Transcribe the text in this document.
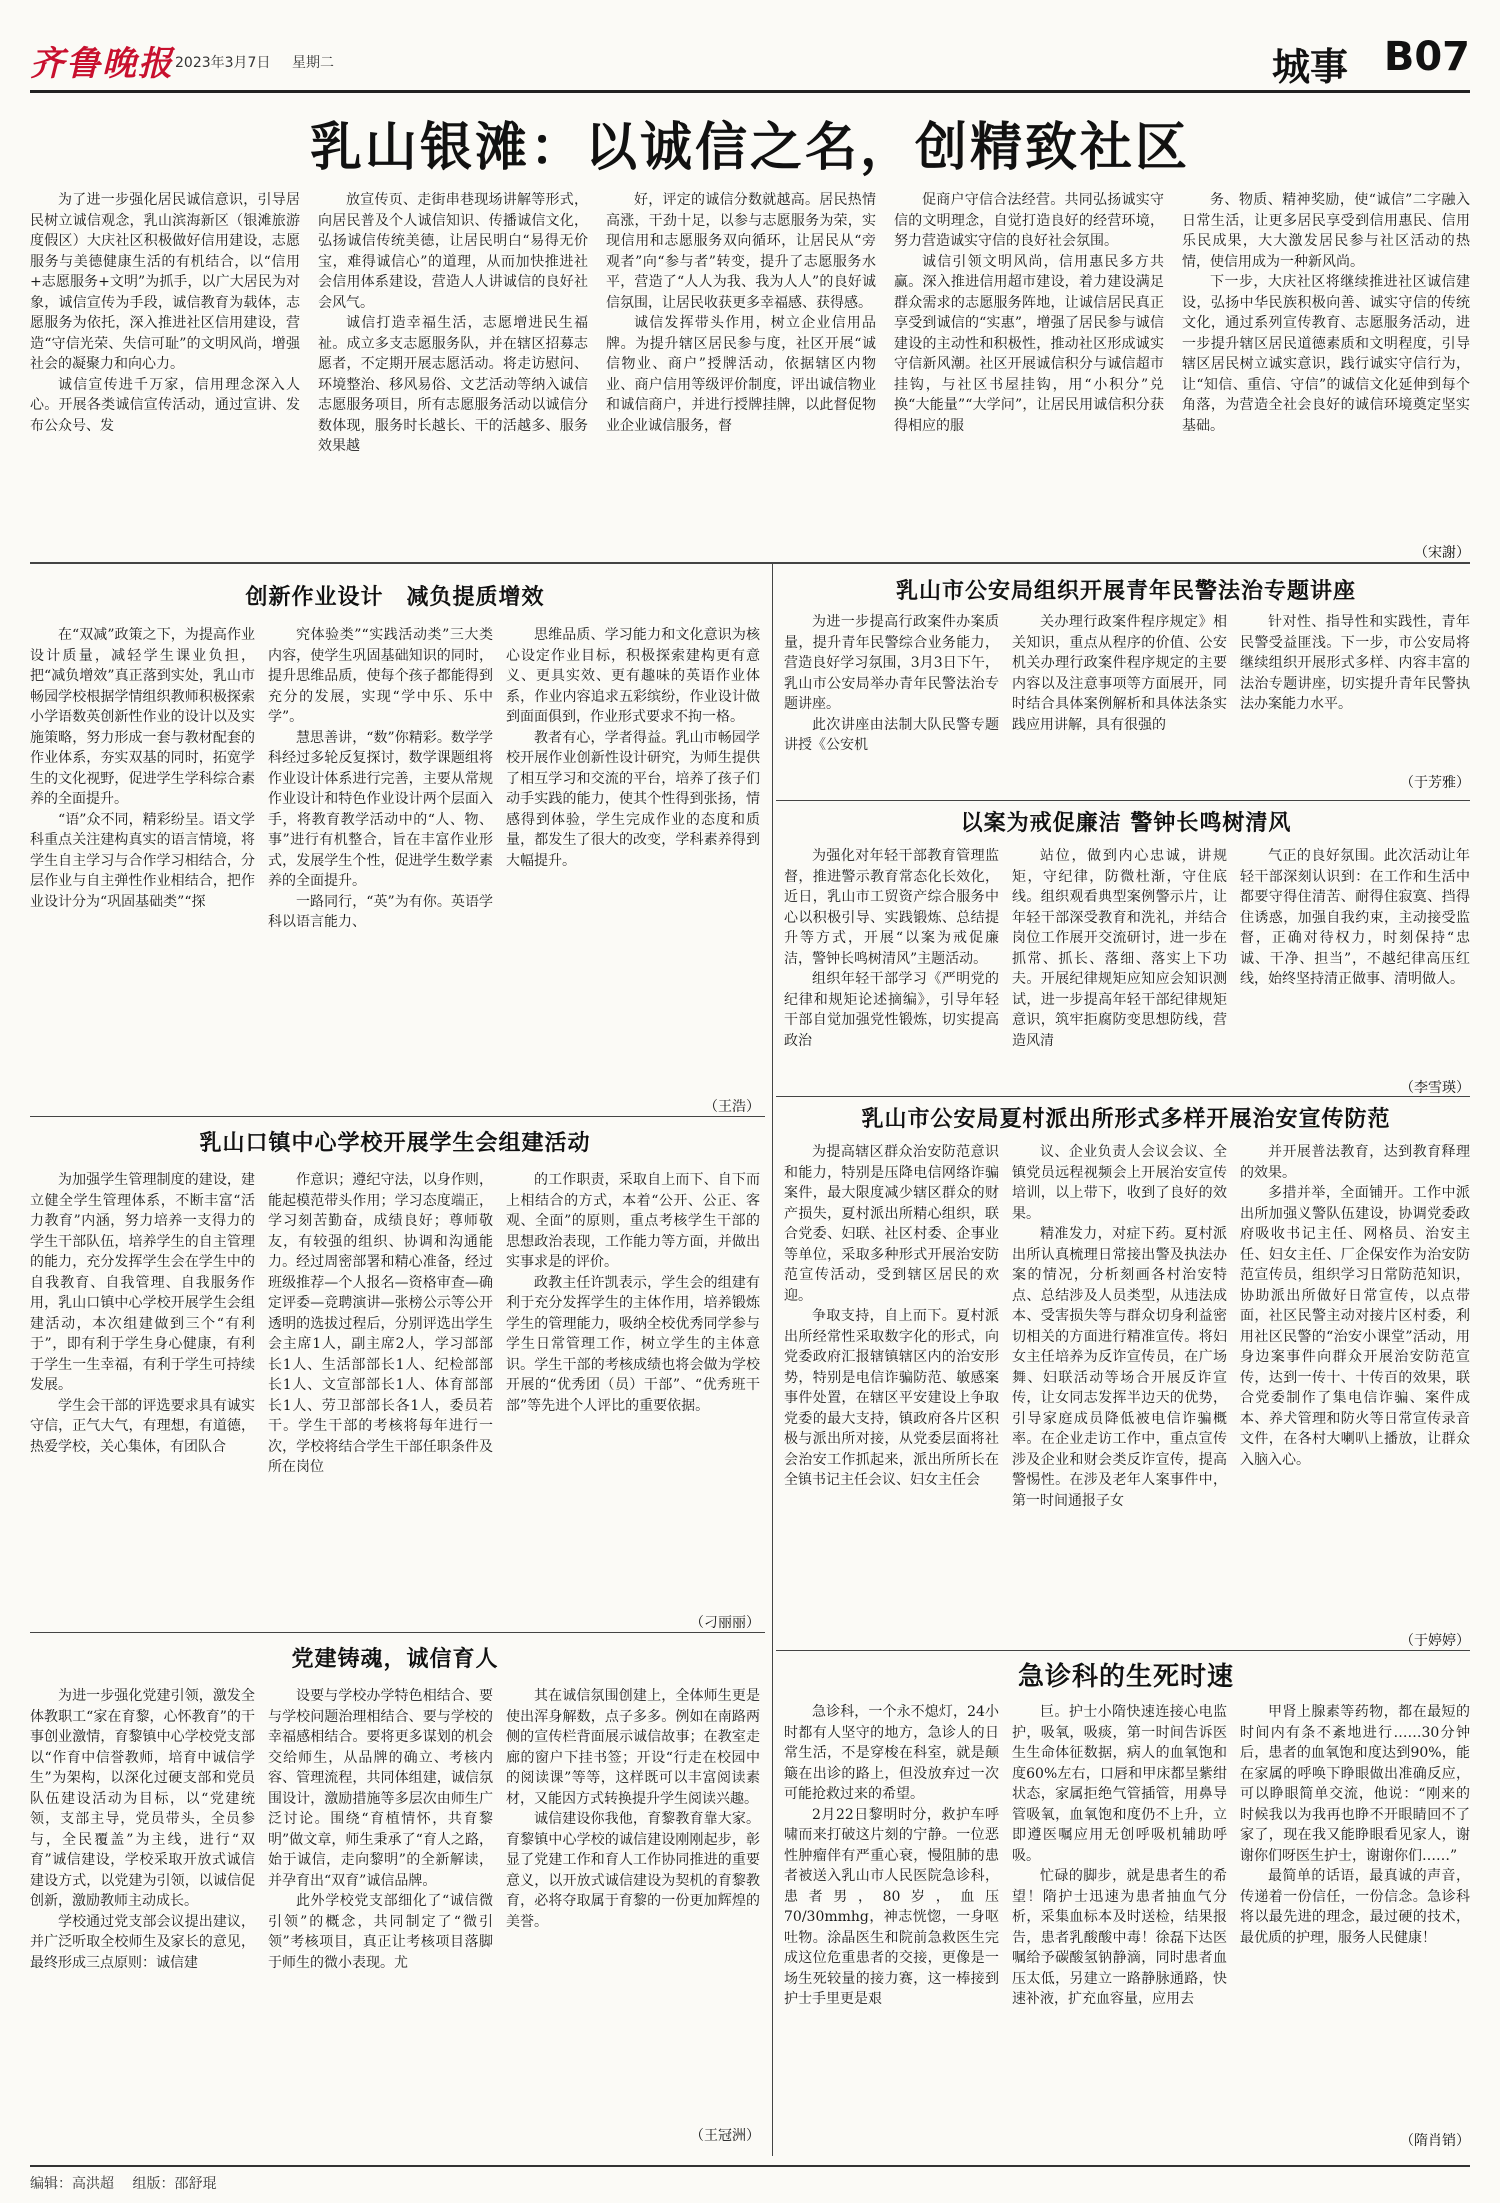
齐鲁晚报 2023年3月7日 星期二	城事 B07
乳山银滩：以诚信之名，创精致社区

为了进一步强化居民诚信意识，引导居民树立诚信观念，乳山滨海新区（银滩旅游度假区）大庆社区积极做好信用建设，志愿服务与美德健康生活的有机结合，以“信用+志愿服务+文明”为抓手，以广大居民为对象，诚信宣传为手段，诚信教育为载体，志愿服务为依托，深入推进社区信用建设，营造“守信光荣、失信可耻”的文明风尚，增强社会的凝聚力和向心力。

诚信宣传进千万家，信用理念深入人心。开展各类诚信宣传活动，通过宣讲、发布公众号、发

放宣传页、走街串巷现场讲解等形式，向居民普及个人诚信知识、传播诚信文化，弘扬诚信传统美德，让居民明白“易得无价宝，难得诚信心”的道理，从而加快推进社会信用体系建设，营造人人讲诚信的良好社会风气。

诚信打造幸福生活，志愿增进民生福祉。成立多支志愿服务队，并在辖区招募志愿者，不定期开展志愿活动。将走访慰问、环境整治、移风易俗、文艺活动等纳入诚信志愿服务项目，所有志愿服务活动以诚信分数体现，服务时长越长、干的活越多、服务效果越

好，评定的诚信分数就越高。居民热情高涨，干劲十足，以参与志愿服务为荣，实现信用和志愿服务双向循环，让居民从“旁观者”向“参与者”转变，提升了志愿服务水平，营造了“人人为我、我为人人”的良好诚信氛围，让居民收获更多幸福感、获得感。

诚信发挥带头作用，树立企业信用品牌。为提升辖区居民参与度，社区开展“诚信物业、商户”授牌活动，依据辖区内物业、商户信用等级评价制度，评出诚信物业和诚信商户，并进行授牌挂牌，以此督促物业企业诚信服务，督

促商户守信合法经营。共同弘扬诚实守信的文明理念，自觉打造良好的经营环境，努力营造诚实守信的良好社会氛围。

诚信引领文明风尚，信用惠民多方共赢。深入推进信用超市建设，着力建设满足群众需求的志愿服务阵地，让诚信居民真正享受到诚信的“实惠”，增强了居民参与诚信建设的主动性和积极性，推动社区形成诚实守信新风潮。社区开展诚信积分与诚信超市挂钩，与社区书屋挂钩，用“小积分”兑换“大能量”“大学问”，让居民用诚信积分获得相应的服

务、物质、精神奖励，使“诚信”二字融入日常生活，让更多居民享受到信用惠民、信用乐民成果，大大激发居民参与社区活动的热情，使信用成为一种新风尚。

下一步，大庆社区将继续推进社区诚信建设，弘扬中华民族积极向善、诚实守信的传统文化，通过系列宣传教育、志愿服务活动，进一步提升辖区居民道德素质和文明程度，引导辖区居民树立诚实意识，践行诚实守信行为，让“知信、重信、守信”的诚信文化延伸到每个角落，为营造全社会良好的诚信环境奠定坚实基础。

（宋謝）
创新作业设计　减负提质增效

在“双减”政策之下，为提高作业设计质量，减轻学生课业负担，把“减负增效”真正落到实处，乳山市畅园学校根据学情组织教师积极探索小学语数英创新性作业的设计以及实施策略，努力形成一套与教材配套的作业体系，夯实双基的同时，拓宽学生的文化视野，促进学生学科综合素养的全面提升。

“语”众不同，精彩纷呈。语文学科重点关注建构真实的语言情境，将学生自主学习与合作学习相结合，分层作业与自主弹性作业相结合，把作业设计分为“巩固基础类”“探

究体验类”“实践活动类”三大类内容，使学生巩固基础知识的同时，提升思维品质，使每个孩子都能得到充分的发展，实现“学中乐、乐中学”。

慧思善讲，“数”你精彩。数学学科经过多轮反复探讨，数学课题组将作业设计体系进行完善，主要从常规作业设计和特色作业设计两个层面入手，将教育教学活动中的“人、物、事”进行有机整合，旨在丰富作业形式，发展学生个性，促进学生数学素养的全面提升。

一路同行，“英”为有你。英语学科以语言能力、

思维品质、学习能力和文化意识为核心设定作业目标，积极探索建构更有意义、更具实效、更有趣味的英语作业体系，作业内容追求五彩缤纷，作业设计做到面面俱到，作业形式要求不拘一格。

教者有心，学者得益。乳山市畅园学校开展作业创新性设计研究，为师生提供了相互学习和交流的平台，培养了孩子们动手实践的能力，使其个性得到张扬，情感得到体验，学生完成作业的态度和质量，都发生了很大的改变，学科素养得到大幅提升。

（王浩）
乳山口镇中心学校开展学生会组建活动

为加强学生管理制度的建设，建立健全学生管理体系，不断丰富“活力教育”内涵，努力培养一支得力的学生干部队伍，培养学生的自主管理的能力，充分发挥学生会在学生中的自我教育、自我管理、自我服务作用，乳山口镇中心学校开展学生会组建活动，本次组建做到三个“有利于”，即有利于学生身心健康，有利于学生一生幸福，有利于学生可持续发展。

学生会干部的评选要求具有诚实守信，正气大气，有理想，有道德，热爱学校，关心集体，有团队合

作意识；遵纪守法，以身作则，能起模范带头作用；学习态度端正，学习刻苦勤奋，成绩良好；尊师敬友，有较强的组织、协调和沟通能力。经过周密部署和精心准备，经过班级推荐—个人报名—资格审查—确定评委—竞聘演讲—张榜公示等公开透明的选拔过程后，分别评选出学生会主席1人，副主席2人，学习部部长1人、生活部部长1人、纪检部部长1人、文宣部部长1人、体育部部长1人、劳卫部部长各1人，委员若干。学生干部的考核将每年进行一次，学校将结合学生干部任职条件及所在岗位

的工作职责，采取自上而下、自下而上相结合的方式，本着“公开、公正、客观、全面”的原则，重点考核学生干部的思想政治表现，工作能力等方面，并做出实事求是的评价。

政教主任许凯表示，学生会的组建有利于充分发挥学生的主体作用，培养锻炼学生的管理能力，吸纳全校优秀同学参与学生日常管理工作，树立学生的主体意识。学生干部的考核成绩也将会做为学校开展的“优秀团（员）干部”、“优秀班干部”等先进个人评比的重要依据。

（刁丽丽）
党建铸魂，诚信育人

为进一步强化党建引领，激发全体教职工“家在育黎，心怀教育”的干事创业激情，育黎镇中心学校党支部以“作育中信誉教师，培育中诚信学生”为架构，以深化过硬支部和党员队伍建设活动为目标，以“党建统领，支部主导，党员带头，全员参与，全民覆盖”为主线，进行“双育”诚信建设，学校采取开放式诚信建设方式，以党建为引领，以诚信促创新，激励教师主动成长。

学校通过党支部会议提出建议，并广泛听取全校师生及家长的意见，最终形成三点原则：诚信建

设要与学校办学特色相结合、要与学校问题治理相结合、要与学校的幸福感相结合。要将更多谋划的机会交给师生，从品牌的确立、考核内容、管理流程，共同体组建，诚信氛围设计，激励措施等多层次由师生广泛讨论。围绕“育植情怀，共育黎明”做文章，师生秉承了“育人之路，始于诚信，走向黎明”的全新解读，并孕育出“双育”诚信品牌。

此外学校党支部细化了“诚信微引领”的概念，共同制定了“微引领”考核项目，真正让考核项目落脚于师生的微小表现。尤

其在诚信氛围创建上，全体师生更是使出浑身解数，点子多多。例如在南路两侧的宣传栏背面展示诚信故事；在教室走廊的窗户下挂书签；开设“行走在校园中的阅读课”等等，这样既可以丰富阅读素材，又能因方式转换提升学生阅读兴趣。

诚信建设你我他，育黎教育靠大家。育黎镇中心学校的诚信建设刚刚起步，彰显了党建工作和育人工作协同推进的重要意义，以开放式诚信建设为契机的育黎教育，必将夺取属于育黎的一份更加辉煌的美誉。

（王冠洲）
乳山市公安局组织开展青年民警法治专题讲座

为进一步提高行政案件办案质量，提升青年民警综合业务能力，营造良好学习氛围，3月3日下午，乳山市公安局举办青年民警法治专题讲座。

此次讲座由法制大队民警专题讲授《公安机

关办理行政案件程序规定》相关知识，重点从程序的价值、公安机关办理行政案件程序规定的主要内容以及注意事项等方面展开，同时结合具体案例解析和具体法条实践应用讲解，具有很强的

针对性、指导性和实践性，青年民警受益匪浅。下一步，市公安局将继续组织开展形式多样、内容丰富的法治专题讲座，切实提升青年民警执法办案能力水平。

（于芳雅）
以案为戒促廉洁 警钟长鸣树清风

为强化对年轻干部教育管理监督，推进警示教育常态化长效化，近日，乳山市工贸资产综合服务中心以积极引导、实践锻炼、总结提升等方式，开展“以案为戒促廉洁，警钟长鸣树清风”主题活动。

组织年轻干部学习《严明党的纪律和规矩论述摘编》，引导年轻干部自觉加强党性锻炼，切实提高政治

站位，做到内心忠诚，讲规矩，守纪律，防微杜渐，守住底线。组织观看典型案例警示片，让年轻干部深受教育和洗礼，并结合岗位工作展开交流研讨，进一步在抓常、抓长、落细、落实上下功夫。开展纪律规矩应知应会知识测试，进一步提高年轻干部纪律规矩意识，筑牢拒腐防变思想防线，营造风清

气正的良好氛围。此次活动让年轻干部深刻认识到：在工作和生活中都要守得住清苦、耐得住寂寞、挡得住诱惑，加强自我约束，主动接受监督，正确对待权力，时刻保持“忠诚、干净、担当”，不越纪律高压红线，始终坚持清正做事、清明做人。

（李雪瑛）
乳山市公安局夏村派出所形式多样开展治安宣传防范

为提高辖区群众治安防范意识和能力，特别是压降电信网络诈骗案件，最大限度减少辖区群众的财产损失，夏村派出所精心组织，联合党委、妇联、社区村委、企事业等单位，采取多种形式开展治安防范宣传活动，受到辖区居民的欢迎。

争取支持，自上而下。夏村派出所经常性采取数字化的形式，向党委政府汇报辖镇辖区内的治安形势，特别是电信诈骗防范、敏感案事件处置，在辖区平安建设上争取党委的最大支持，镇政府各片区积极与派出所对接，从党委层面将社会治安工作抓起来，派出所所长在全镇书记主任会议、妇女主任会

议、企业负责人会议会议、全镇党员远程视频会上开展治安宣传培训，以上带下，收到了良好的效果。

精准发力，对症下药。夏村派出所认真梳理日常接出警及执法办案的情况，分析刻画各村治安特点、总结涉及人员类型，从违法成本、受害损失等与群众切身利益密切相关的方面进行精准宣传。将妇女主任培养为反诈宣传员，在广场舞、妇联活动等场合开展反诈宣传，让女同志发挥半边天的优势，引导家庭成员降低被电信诈骗概率。在企业走访工作中，重点宣传涉及企业和财会类反诈宣传，提高警惕性。在涉及老年人案事件中，第一时间通报子女

并开展普法教育，达到教育释理的效果。

多措并举，全面铺开。工作中派出所加强义警队伍建设，协调党委政府吸收书记主任、网格员、治安主任、妇女主任、厂企保安作为治安防范宣传员，组织学习日常防范知识，协助派出所做好日常宣传，以点带面，社区民警主动对接片区村委，利用社区民警的“治安小课堂”活动，用身边案事件向群众开展治安防范宣传，达到一传十、十传百的效果，联合党委制作了集电信诈骗、案件成本、养犬管理和防火等日常宣传录音文件，在各村大喇叭上播放，让群众入脑入心。

（于婷婷）
急诊科的生死时速

急诊科，一个永不熄灯，24小时都有人坚守的地方，急诊人的日常生活，不是穿梭在科室，就是颠簸在出诊的路上，但没放弃过一次可能抢救过来的希望。

2月22日黎明时分，救护车呼啸而来打破这片刻的宁静。一位恶性肿瘤伴有严重心衰，慢阻肺的患者被送入乳山市人民医院急诊科，患者男，80岁，血压70/30mmhg，神志恍惚，一身呕吐物。涂晶医生和院前急救医生完成这位危重患者的交接，更像是一场生死较量的接力赛，这一棒接到护士手里更是艰

巨。护士小隋快速连接心电监护，吸氧，吸痰，第一时间告诉医生生命体征数据，病人的血氧饱和度60%左右，口唇和甲床都呈紫绀状态，家属拒绝气管插管，用鼻导管吸氧，血氧饱和度仍不上升，立即遵医嘱应用无创呼吸机辅助呼吸。

忙碌的脚步，就是患者生的希望！隋护士迅速为患者抽血气分析，采集血标本及时送检，结果报告，患者乳酸酸中毒！徐磊下达医嘱给予碳酸氢钠静滴，同时患者血压太低，另建立一路静脉通路，快速补液，扩充血容量，应用去

甲肾上腺素等药物，都在最短的时间内有条不紊地进行……30分钟后，患者的血氧饱和度达到90%，能在家属的呼唤下睁眼做出准确反应，可以睁眼简单交流，他说：“刚来的时候我以为我再也睁不开眼睛回不了家了，现在我又能睁眼看见家人，谢谢你们呀医生护士，谢谢你们……”

最简单的话语，最真诚的声音，传递着一份信任，一份信念。急诊科将以最先进的理念，最过硬的技术，最优质的护理，服务人民健康！

（隋肖销）
编辑：高洪超 组版：邵舒琨
